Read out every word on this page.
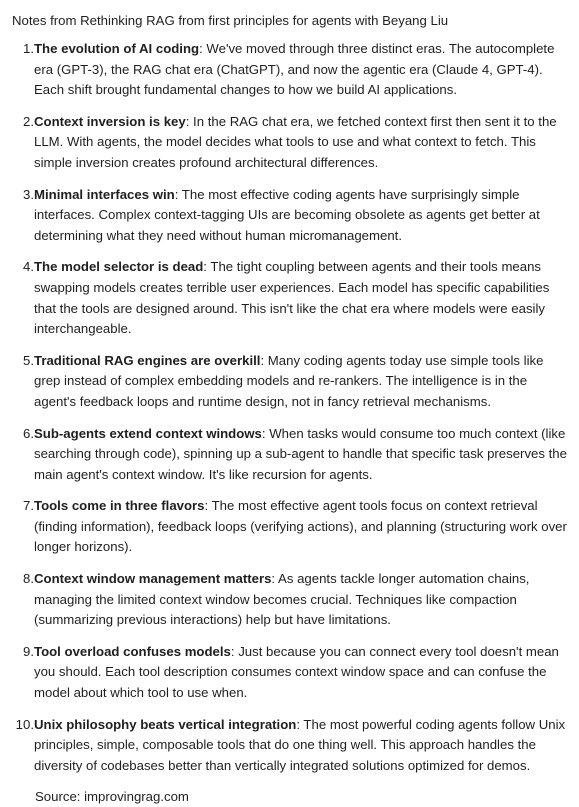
Notes from Rethinking RAG from first principles for agents with Beyang Liu
1. The evolution of AI coding: We've moved through three distinct eras. The autocomplete era (GPT-3), the RAG chat era (ChatGPT), and now the agentic era (Claude 4, GPT-4). Each shift brought fundamental changes to how we build AI applications.
2. Context inversion is key: In the RAG chat era, we fetched context first then sent it to the LLM. With agents, the model decides what tools to use and what context to fetch. This simple inversion creates profound architectural differences.
3. Minimal interfaces win: The most effective coding agents have surprisingly simple interfaces. Complex context-tagging UIs are becoming obsolete as agents get better at determining what they need without human micromanagement.
4. The model selector is dead: The tight coupling between agents and their tools means swapping models creates terrible user experiences. Each model has specific capabilities that the tools are designed around. This isn't like the chat era where models were easily interchangeable.
5. Traditional RAG engines are overkill: Many coding agents today use simple tools like grep instead of complex embedding models and re-rankers. The intelligence is in the agent's feedback loops and runtime design, not in fancy retrieval mechanisms.
6. Sub-agents extend context windows: When tasks would consume too much context (like searching through code), spinning up a sub-agent to handle that specific task preserves the main agent's context window. It's like recursion for agents.
7. Tools come in three flavors: The most effective agent tools focus on context retrieval (finding information), feedback loops (verifying actions), and planning (structuring work over longer horizons).
8. Context window management matters: As agents tackle longer automation chains, managing the limited context window becomes crucial. Techniques like compaction (summarizing previous interactions) help but have limitations.
9. Tool overload confuses models: Just because you can connect every tool doesn't mean you should. Each tool description consumes context window space and can confuse the model about which tool to use when.
10. Unix philosophy beats vertical integration: The most powerful coding agents follow Unix principles, simple, composable tools that do one thing well. This approach handles the diversity of codebases better than vertically integrated solutions optimized for demos.
Source: improvingrag.com
